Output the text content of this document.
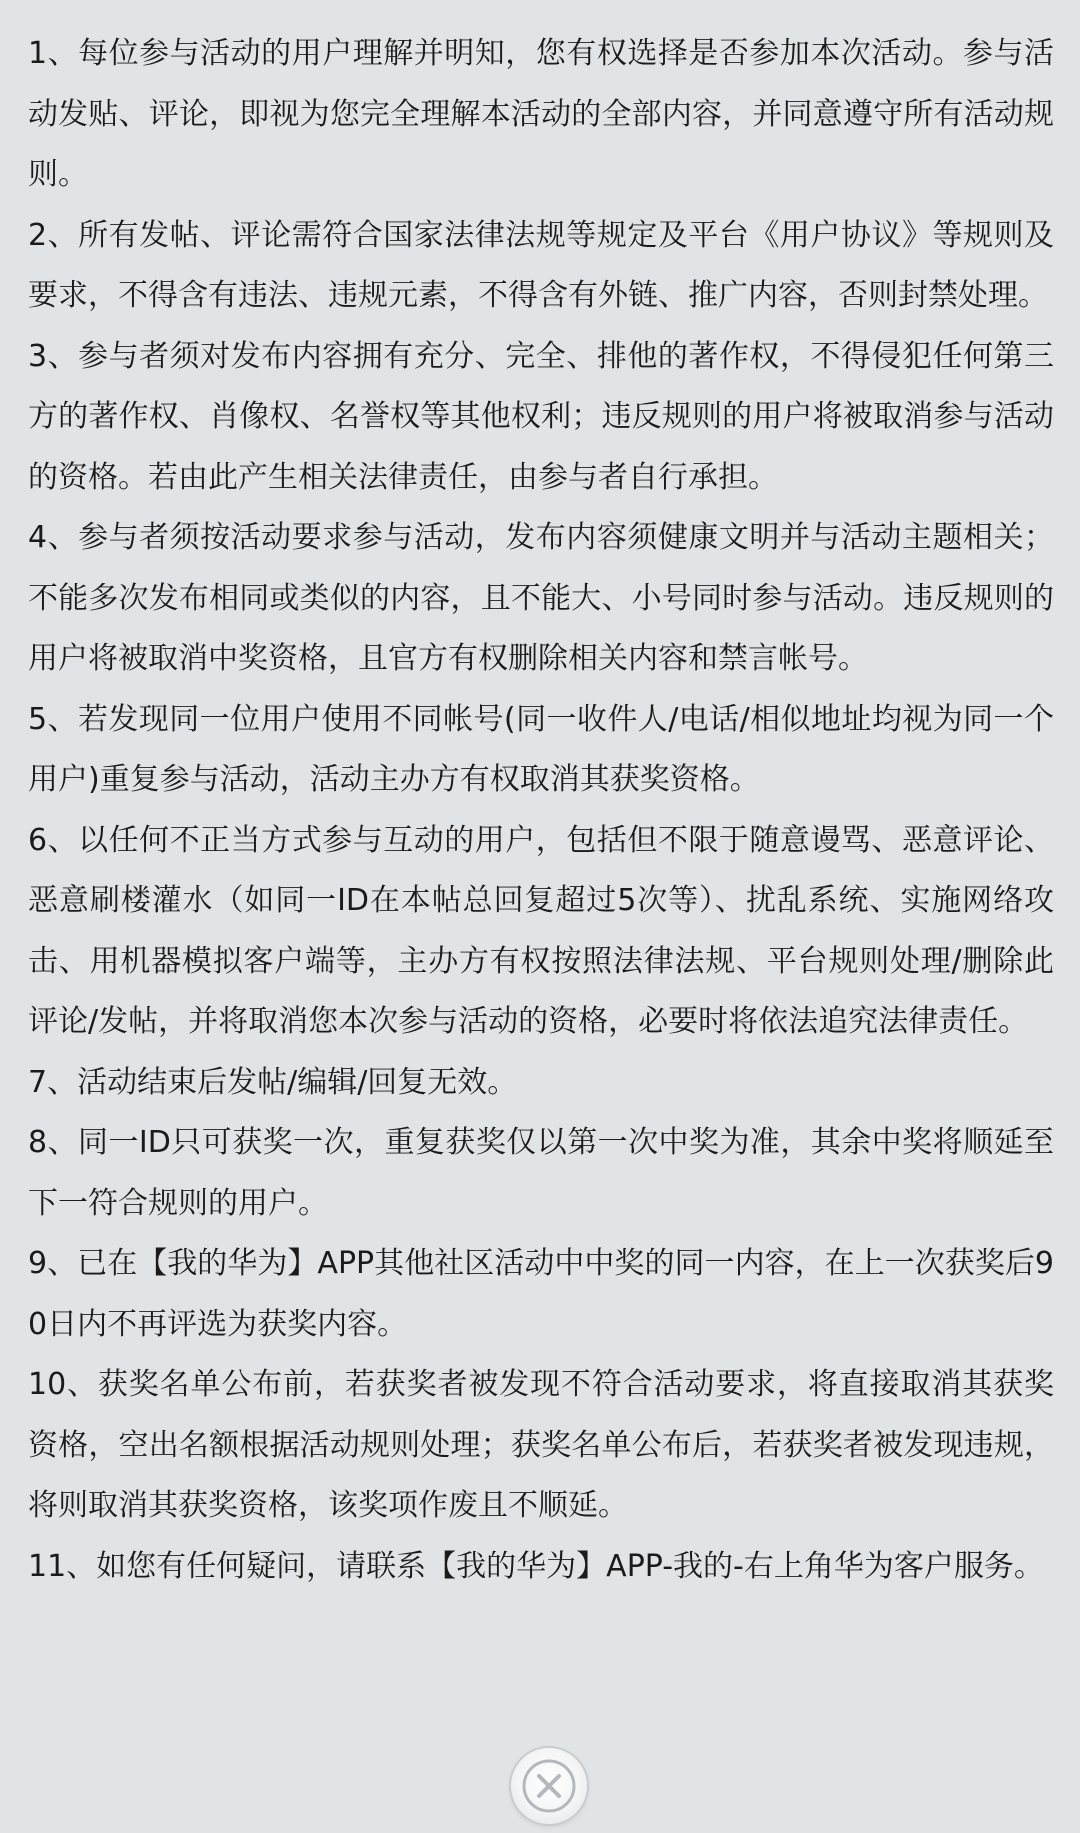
1、每位参与活动的用户理解并明知，您有权选择是否参加本次活动。参与活动发贴、评论，即视为您完全理解本活动的全部内容，并同意遵守所有活动规则。
2、所有发帖、评论需符合国家法律法规等规定及平台《用户协议》等规则及要求，不得含有违法、违规元素，不得含有外链、推广内容，否则封禁处理。
3、参与者须对发布内容拥有充分、完全、排他的著作权，不得侵犯任何第三方的著作权、肖像权、名誉权等其他权利；违反规则的用户将被取消参与活动的资格。若由此产生相关法律责任，由参与者自行承担。
4、参与者须按活动要求参与活动，发布内容须健康文明并与活动主题相关；不能多次发布相同或类似的内容，且不能大、小号同时参与活动。违反规则的用户将被取消中奖资格，且官方有权删除相关内容和禁言帐号。
5、若发现同一位用户使用不同帐号(同一收件人/电话/相似地址均视为同一个用户)重复参与活动，活动主办方有权取消其获奖资格。
6、以任何不正当方式参与互动的用户，包括但不限于随意谩骂、恶意评论、恶意刷楼灌水（如同一ID在本帖总回复超过5次等）、扰乱系统、实施网络攻击、用机器模拟客户端等，主办方有权按照法律法规、平台规则处理/删除此评论/发帖，并将取消您本次参与活动的资格，必要时将依法追究法律责任。
7、活动结束后发帖/编辑/回复无效。
8、同一ID只可获奖一次，重复获奖仅以第一次中奖为准，其余中奖将顺延至下一符合规则的用户。
9、已在【我的华为】APP其他社区活动中中奖的同一内容，在上一次获奖后90日内不再评选为获奖内容。
10、获奖名单公布前，若获奖者被发现不符合活动要求，将直接取消其获奖资格，空出名额根据活动规则处理；获奖名单公布后，若获奖者被发现违规，将则取消其获奖资格，该奖项作废且不顺延。
11、如您有任何疑问，请联系【我的华为】APP-我的-右上角华为客户服务。
